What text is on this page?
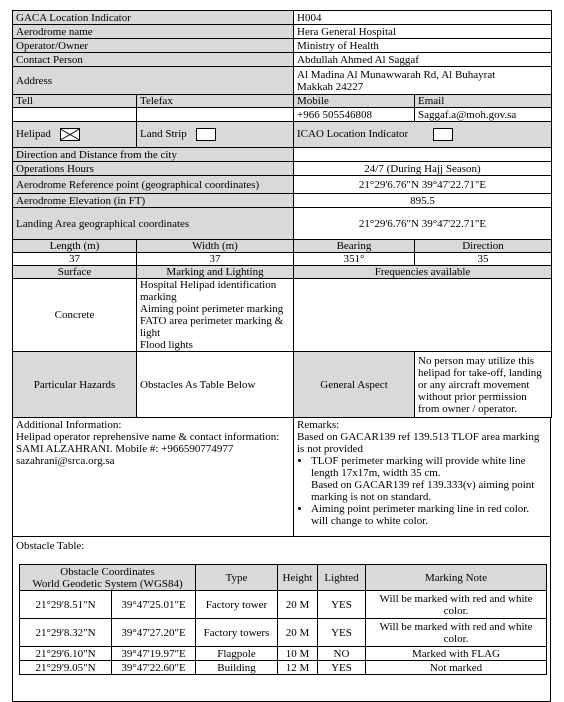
GACA Location Indicator		H004	
Aerodrome name		Hera General Hospital	
Operator/Owner		Ministry of Health	
Contact Person		Abdullah Ahmed Al Saggaf	
Address		Al Madina Al Munawwarah Rd, Al Buhayrat
Makkah 24227	

Tell	Telefax	Mobile	Email
		+966 505546808	Saggaf.a@moh.gov.sa
Helipad	Land Strip	ICAO Location Indicator	
Direction and Distance from the city			
Operations Hours		24/7 (During Hajj Season)	
Aerodrome Reference point (geographical coordinates)		21°29'6.76"N 39°47'22.71"E	
Aerodrome Elevation (in FT)		895.5	
Landing Area geographical coordinates		21°29'6.76"N 39°47'22.71"E	
Length (m)	Width (m)	Bearing	Direction
37	37	351°	35
Surface	Marking and Lighting	Frequencies available	
Concrete	Hospital Helipad identification marking
Aiming point perimeter marking
FATO area perimeter marking & light
Flood lights		

Particular Hazards	Obstacles As Table Below	General Aspect	No person may utilize this helipad for take-off, landing or any aircraft movement without prior permission from owner / operator.
Additional Information:
Helipad operator reprehensive name & contact information:
SAMI ALZAHRANI. Mobile #: +966590774977
sazahrani@srca.org.sa
Remarks:
Based on GACAR139 ref 139.513 TLOF area marking is not provided
• TLOF perimeter marking will provide white line length 17x17m, width 35 cm.
Based on GACAR139 ref 139.333(v) aiming point marking is not on standard.
• Aiming point perimeter marking line in red color. will change to white color.
Obstacle Table:
Obstacle Coordinates
World Geodetic System (WGS84)		Type	Height	Lighted	Marking Note
21°29'8.51"N	39°47'25.01"E	Factory tower	20 M	YES	Will be marked with red and white color.
21°29'8.32"N	39°47'27.20"E	Factory towers	20 M	YES	Will be marked with red and white color.
21°29'6.10"N	39°47'19.97"E	Flagpole	10 M	NO	Marked with FLAG
21°29'9.05"N	39°47'22.60"E	Building	12 M	YES	Not marked
